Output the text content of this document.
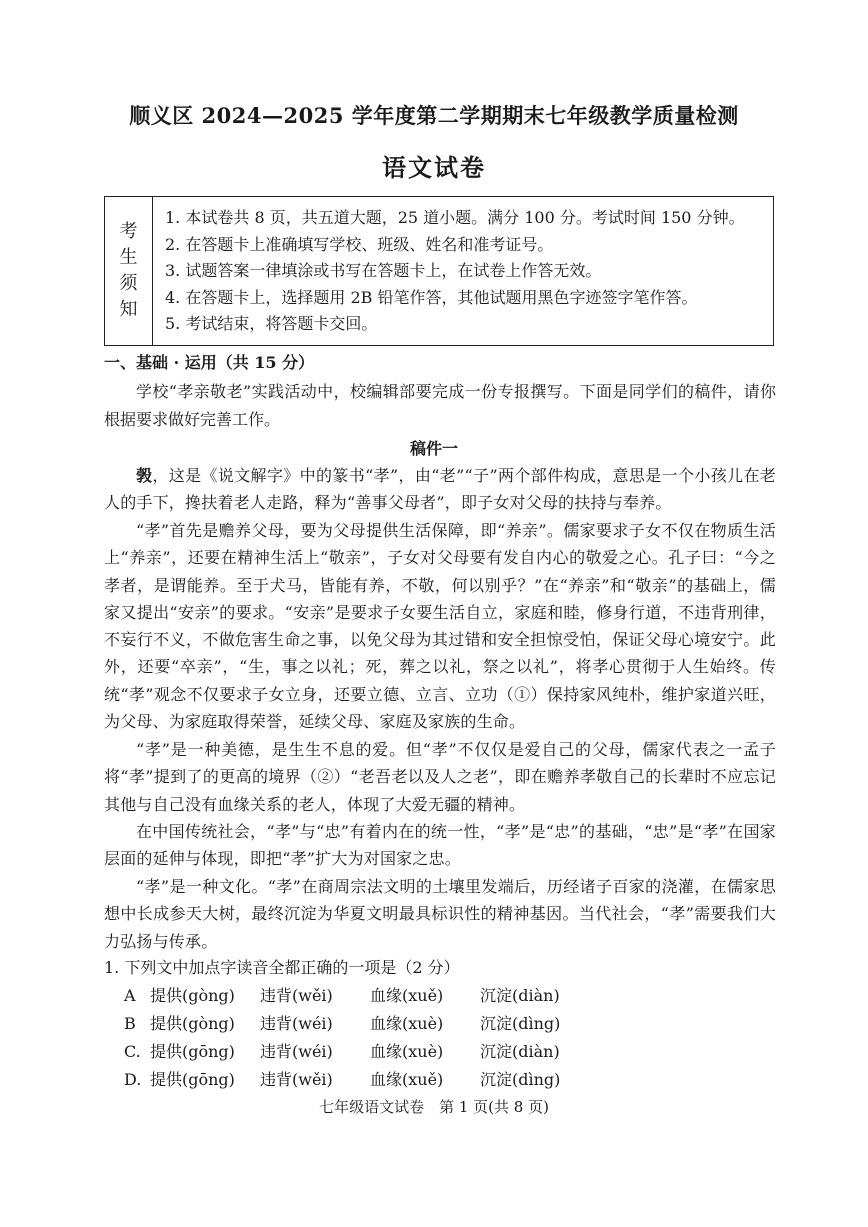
顺义区 2024—2025 学年度第二学期期末七年级教学质量检测
语文试卷
考
生
须
知
1. 本试卷共 8 页，共五道大题，25 道小题。满分 100 分。考试时间 150 分钟。
2. 在答题卡上准确填写学校、班级、姓名和准考证号。
3. 试题答案一律填涂或书写在答题卡上，在试卷上作答无效。
4. 在答题卡上，选择题用 2B 铅笔作答，其他试题用黑色字迹签字笔作答。
5. 考试结束，将答题卡交回。
一、基础 · 运用（共 15 分）
学校“孝亲敬老”实践活动中，校编辑部要完成一份专报撰写。下面是同学们的稿件，请你根据要求做好完善工作。
稿件一
㝅，这是《说文解字》中的篆书“孝”，由“老”“子”两个部件构成，意思是一个小孩儿在老人的手下，搀扶着老人走路，释为“善事父母者”，即子女对父母的扶持与奉养。
“孝”首先是赡养父母，要为父母提供生活保障，即“养亲”。儒家要求子女不仅在物质生活上“养亲”，还要在精神生活上“敬亲”，子女对父母要有发自内心的敬爱之心。孔子曰：“今之孝者，是谓能养。至于犬马，皆能有养，不敬，何以别乎？”在“养亲”和“敬亲”的基础上，儒家又提出“安亲”的要求。“安亲”是要求子女要生活自立，家庭和睦，修身行道，不违背刑律，不妄行不义，不做危害生命之事，以免父母为其过错和安全担惊受怕，保证父母心境安宁。此外，还要“卒亲”，“生，事之以礼；死，葬之以礼，祭之以礼”，将孝心贯彻于人生始终。传统“孝”观念不仅要求子女立身，还要立德、立言、立功（①）保持家风纯朴，维护家道兴旺，为父母、为家庭取得荣誉，延续父母、家庭及家族的生命。
“孝”是一种美德，是生生不息的爱。但“孝”不仅仅是爱自己的父母，儒家代表之一孟子将“孝”提到了的更高的境界（②）“老吾老以及人之老”，即在赡养孝敬自己的长辈时不应忘记其他与自己没有血缘关系的老人，体现了大爱无疆的精神。
在中国传统社会，“孝”与“忠”有着内在的统一性，“孝”是“忠”的基础，“忠”是“孝”在国家层面的延伸与体现，即把“孝”扩大为对国家之忠。
“孝”是一种文化。“孝”在商周宗法文明的土壤里发端后，历经诸子百家的浇灌，在儒家思想中长成参天大树，最终沉淀为华夏文明最具标识性的精神基因。当代社会，“孝”需要我们大力弘扬与传承。
1. 下列文中加点字读音全都正确的一项是（2 分）
A 提供(gòng)	违背(wěi)	血缘(xuě)	沉淀(diàn)
B 提供(gòng)	违背(wéi)	血缘(xuè)	沉淀(dìng)
C. 提供(gōng)	违背(wéi)	血缘(xuè)	沉淀(diàn)
D. 提供(gōng)	违背(wěi)	血缘(xuě)	沉淀(dìng)
七年级语文试卷　第 1 页(共 8 页)
